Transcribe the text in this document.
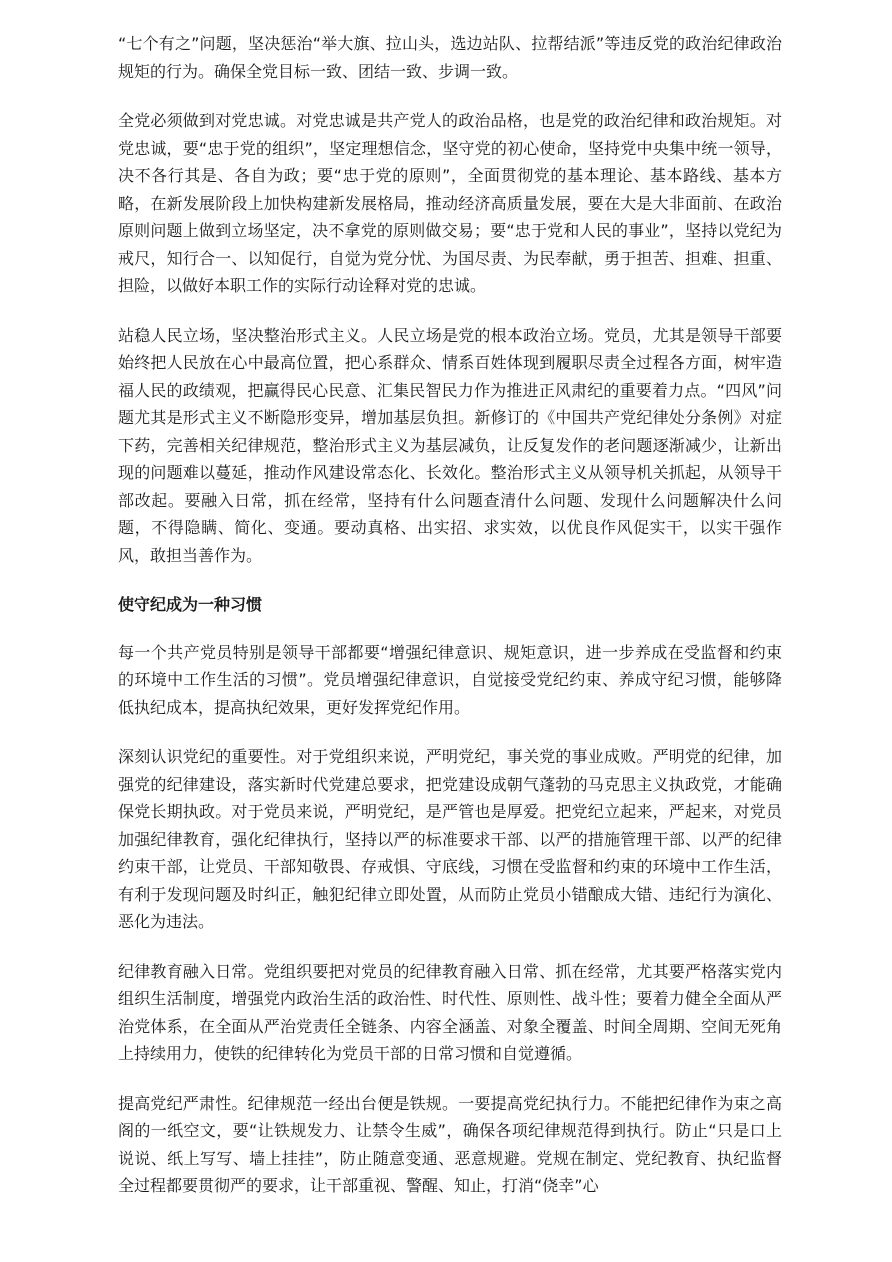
“七个有之”问题，坚决惩治“举大旗、拉山头，选边站队、拉帮结派”等违反党的政治纪律政治规矩的行为。确保全党目标一致、团结一致、步调一致。

全党必须做到对党忠诚。对党忠诚是共产党人的政治品格，也是党的政治纪律和政治规矩。对党忠诚，要“忠于党的组织”，坚定理想信念，坚守党的初心使命，坚持党中央集中统一领导，决不各行其是、各自为政；要“忠于党的原则”，全面贯彻党的基本理论、基本路线、基本方略，在新发展阶段上加快构建新发展格局，推动经济高质量发展，要在大是大非面前、在政治原则问题上做到立场坚定，决不拿党的原则做交易；要“忠于党和人民的事业”，坚持以党纪为戒尺，知行合一、以知促行，自觉为党分忧、为国尽责、为民奉献，勇于担苦、担难、担重、担险，以做好本职工作的实际行动诠释对党的忠诚。

站稳人民立场，坚决整治形式主义。人民立场是党的根本政治立场。党员，尤其是领导干部要始终把人民放在心中最高位置，把心系群众、情系百姓体现到履职尽责全过程各方面，树牢造福人民的政绩观，把赢得民心民意、汇集民智民力作为推进正风肃纪的重要着力点。“四风”问题尤其是形式主义不断隐形变异，增加基层负担。新修订的《中国共产党纪律处分条例》对症下药，完善相关纪律规范，整治形式主义为基层减负，让反复发作的老问题逐渐减少，让新出现的问题难以蔓延，推动作风建设常态化、长效化。整治形式主义从领导机关抓起，从领导干部改起。要融入日常，抓在经常，坚持有什么问题查清什么问题、发现什么问题解决什么问题，不得隐瞒、简化、变通。要动真格、出实招、求实效，以优良作风促实干，以实干强作风，敢担当善作为。

使守纪成为一种习惯

每一个共产党员特别是领导干部都要“增强纪律意识、规矩意识，进一步养成在受监督和约束的环境中工作生活的习惯”。党员增强纪律意识，自觉接受党纪约束、养成守纪习惯，能够降低执纪成本，提高执纪效果，更好发挥党纪作用。

深刻认识党纪的重要性。对于党组织来说，严明党纪，事关党的事业成败。严明党的纪律，加强党的纪律建设，落实新时代党建总要求，把党建设成朝气蓬勃的马克思主义执政党，才能确保党长期执政。对于党员来说，严明党纪，是严管也是厚爱。把党纪立起来，严起来，对党员加强纪律教育，强化纪律执行，坚持以严的标准要求干部、以严的措施管理干部、以严的纪律约束干部，让党员、干部知敬畏、存戒惧、守底线，习惯在受监督和约束的环境中工作生活，有利于发现问题及时纠正，触犯纪律立即处置，从而防止党员小错酿成大错、违纪行为演化、恶化为违法。

纪律教育融入日常。党组织要把对党员的纪律教育融入日常、抓在经常，尤其要严格落实党内组织生活制度，增强党内政治生活的政治性、时代性、原则性、战斗性；要着力健全全面从严治党体系，在全面从严治党责任全链条、内容全涵盖、对象全覆盖、时间全周期、空间无死角上持续用力，使铁的纪律转化为党员干部的日常习惯和自觉遵循。

提高党纪严肃性。纪律规范一经出台便是铁规。一要提高党纪执行力。不能把纪律作为束之高阁的一纸空文，要“让铁规发力、让禁令生威”，确保各项纪律规范得到执行。防止“只是口上说说、纸上写写、墙上挂挂”，防止随意变通、恶意规避。党规在制定、党纪教育、执纪监督全过程都要贯彻严的要求，让干部重视、警醒、知止，打消“侥幸”心
